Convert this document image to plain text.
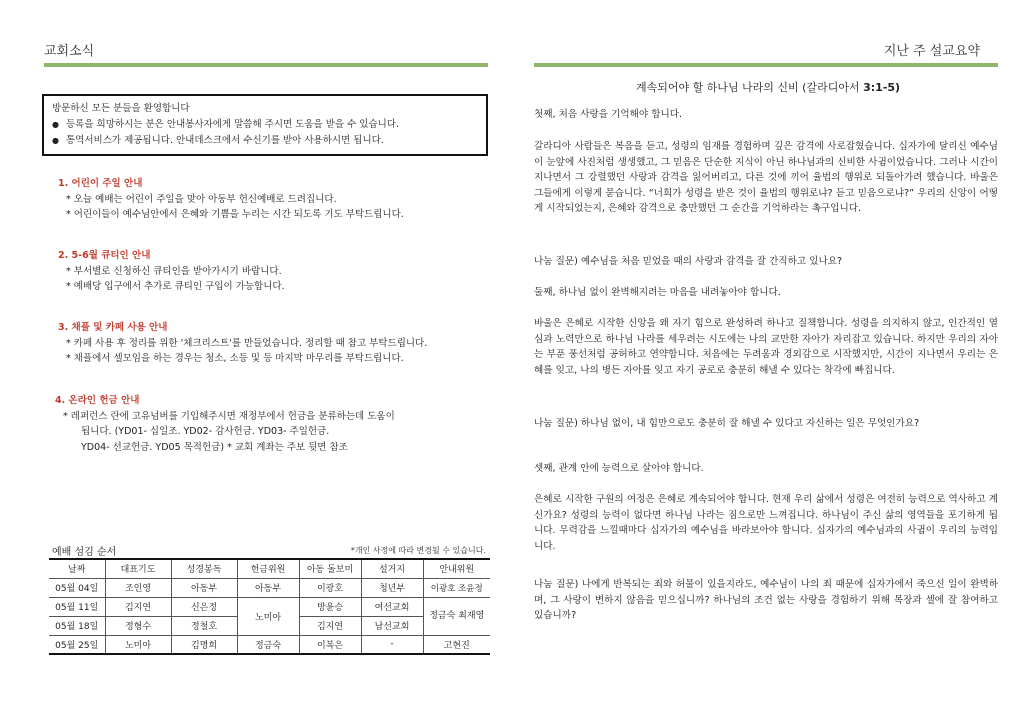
교회소식
방문하신 모든 분들을 환영합니다
● 등록을 희망하시는 분은 안내봉사자에게 말씀해 주시면 도움을 받을 수 있습니다.
● 통역서비스가 제공됩니다. 안내데스크에서 수신기를 받아 사용하시면 됩니다.
1. 어린이 주일 안내
* 오늘 예배는 어린이 주일을 맞아 아동부 헌신예배로 드려집니다.
* 어린이들이 예수님안에서 은혜와 기쁨을 누리는 시간 되도록 기도 부탁드립니다.
2. 5-6월 큐티인 안내
* 부서별로 신청하신 큐티인을 받아가시기 바랍니다.
* 예배당 입구에서 추가로 큐티인 구입이 가능합니다.
3. 채플 및 카페 사용 안내
* 카페 사용 후 정리를 위한 '체크리스트'를 만들었습니다. 정리할 때 참고 부탁드립니다.
* 채플에서 셀모임을 하는 경우는 청소, 소등 및 등 마지막 마무리를 부탁드립니다.
4. 온라인 헌금 안내
* 레퍼런스 란에 고유넘버를 기입해주시면 재정부에서 헌금을 분류하는데 도움이
됩니다. (YD01- 십일조. YD02- 감사헌금. YD03- 주일헌금.
YD04- 선교헌금. YD05 목적헌금) * 교회 계좌는 주보 뒷면 참조
예배 섬김 순서	*개인 사정에 따라 변경될 수 있습니다.
날짜	대표기도	성경봉독	헌금위원	아동 돌보미	설거지	안내위원
05월 04일	조인영	아동부	아동부	이광호	청년부	이광호 조윤정
05월 11일	김지연	신은정	노미아	방윤승	여선교회	정금숙 최재영
05월 18일	정형수	정철호		김지연	남선교회	
05월 25일	노미아	김명희	정금숙	이복은	-	고현진
지난 주 설교요약
계속되어야 할 하나님 나라의 신비 (갈라디아서 3:1-5)
첫째, 처음 사랑을 기억해야 합니다.
갈라디아 사람들은 복음을 듣고, 성령의 임재를 경험하며 깊은 감격에 사로잡혔습니다. 십자가에 달리신 예수님이 눈앞에 사진처럼 생생했고, 그 믿음은 단순한 지식이 아닌 하나님과의 신비한 사귐이었습니다. 그러나 시간이 지나면서 그 강렬했던 사랑과 감격을 잃어버리고, 다른 것에 끼어 율법의 행위로 되돌아가려 했습니다. 바울은 그들에게 이렇게 묻습니다. “너희가 성령을 받은 것이 율법의 행위로냐? 듣고 믿음으로냐?” 우리의 신앙이 어떻게 시작되었는지, 은혜와 감격으로 충만했던 그 순간을 기억하라는 촉구입니다.
나눔 질문) 예수님을 처음 믿었을 때의 사랑과 감격을 잘 간직하고 있나요?
둘째, 하나님 없이 완벽해지려는 마음을 내려놓아야 합니다.
바울은 은혜로 시작한 신앙을 왜 자기 힘으로 완성하려 하나고 질책합니다. 성령을 의지하지 않고, 인간적인 열심과 노력만으로 하나님 나라를 세우려는 시도에는 나의 교만한 자아가 자리잡고 있습니다. 하지만 우리의 자아는 부푼 풍선처럼 공허하고 연약합니다. 처음에는 두려움과 경외감으로 시작했지만, 시간이 지나면서 우리는 은혜를 잊고, 나의 병든 자아를 잊고 자기 공로로 충분히 해낼 수 있다는 착각에 빠집니다.
나눔 질문) 하나님 없이, 내 힘만으로도 충분히 잘 해낼 수 있다고 자신하는 일은 무엇인가요?
셋째, 관계 안에 능력으로 살아야 합니다.
은혜로 시작한 구원의 여정은 은혜로 계속되어야 합니다. 현재 우리 삶에서 성령은 여전히 능력으로 역사하고 계신가요? 성령의 능력이 없다면 하나님 나라는 짐으로만 느껴집니다. 하나님이 주신 삶의 영역들을 포기하게 됩니다. 무력감을 느낄때마다 십자가의 예수님을 바라보아야 합니다. 십자가의 예수님과의 사귐이 우리의 능력입니다.
나눔 질문) 나에게 반복되는 죄와 허물이 있을지라도, 예수님이 나의 죄 때문에 십자가에서 죽으신 일이 완벽하며, 그 사랑이 변하지 않음을 믿으십니까? 하나님의 조건 없는 사랑을 경험하기 위해 목장과 셀에 잘 참여하고 있습니까?
